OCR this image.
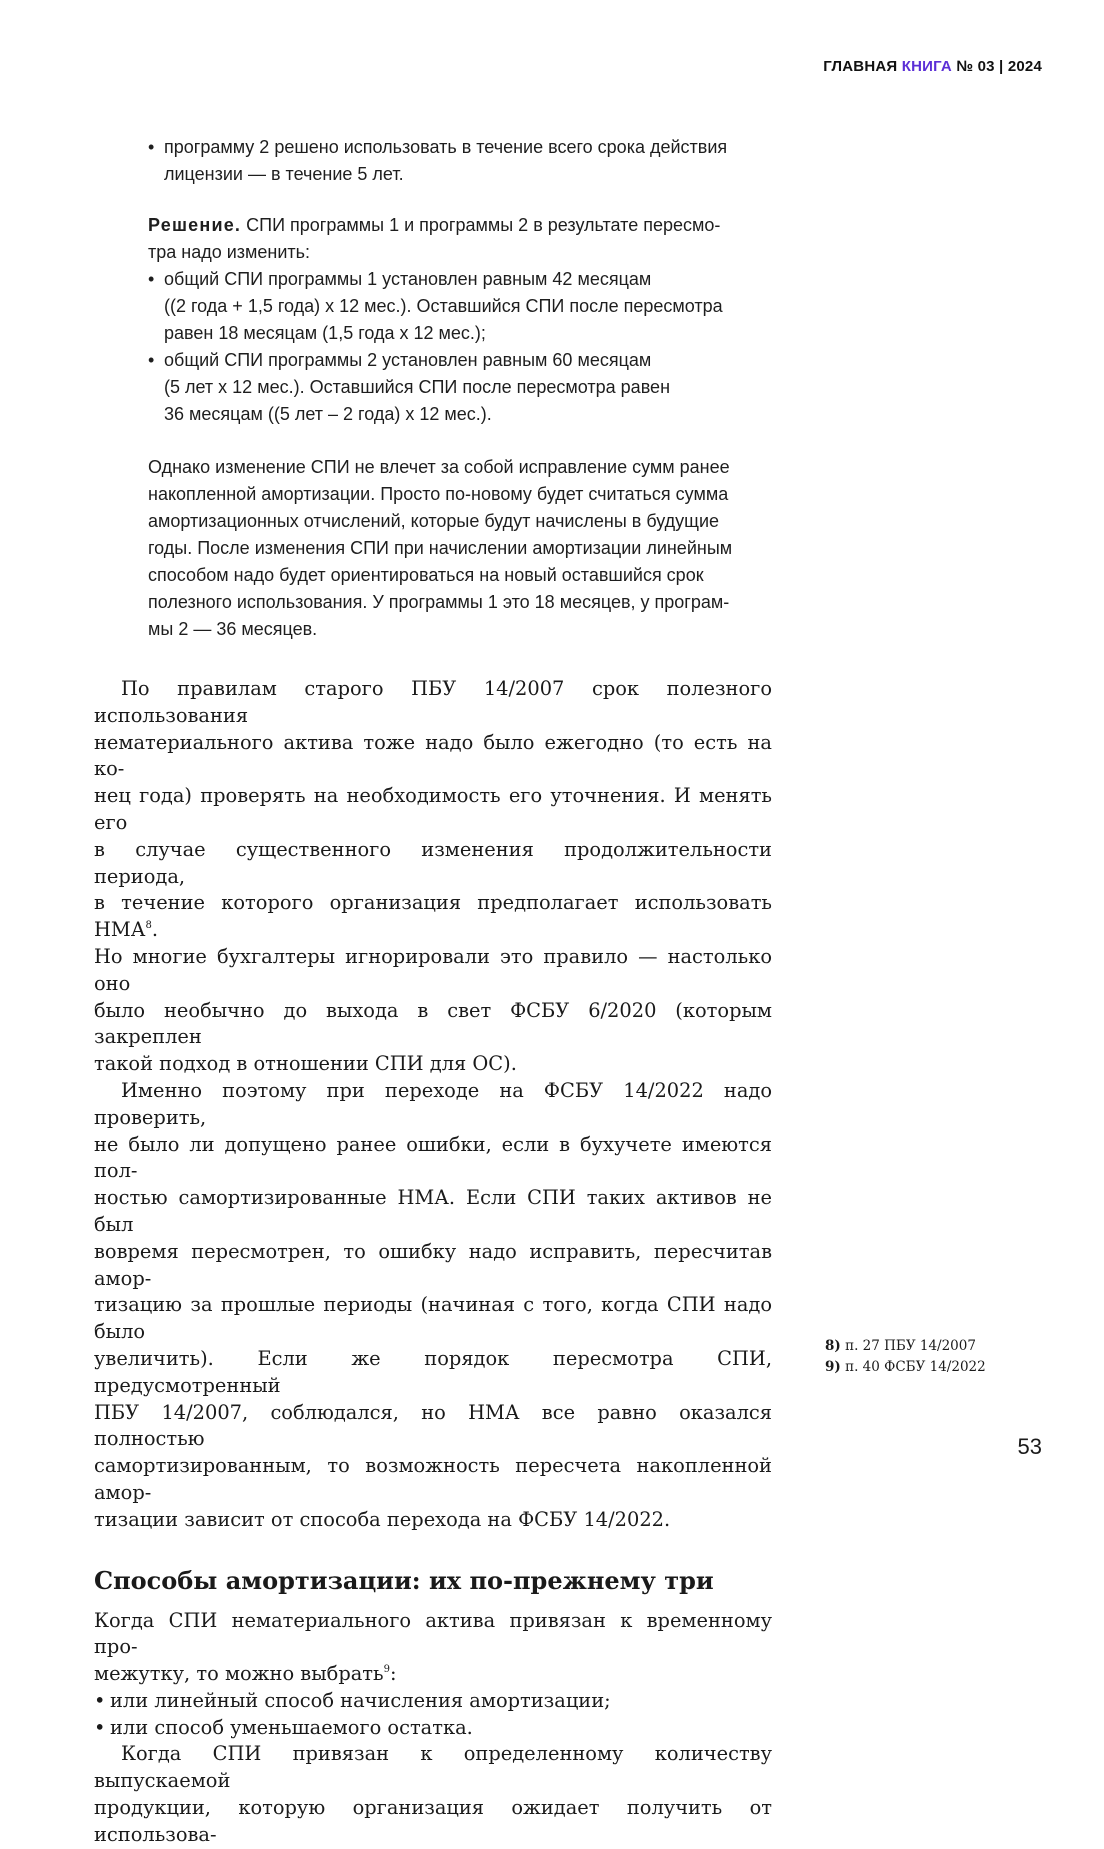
ГЛАВНАЯ КНИГА № 03 | 2024

• программу 2 решено использовать в течение всего срока действия
лицензии — в течение 5 лет.

Решение. СПИ программы 1 и программы 2 в результате пересмо-
тра надо изменить:

• общий СПИ программы 1 установлен равным 42 месяцам
((2 года + 1,5 года) x 12 мес.). Оставшийся СПИ после пересмотра
равен 18 месяцам (1,5 года x 12 мес.);

• общий СПИ программы 2 установлен равным 60 месяцам
(5 лет x 12 мес.). Оставшийся СПИ после пересмотра равен
36 месяцам ((5 лет – 2 года) x 12 мес.).

Однако изменение СПИ не влечет за собой исправление сумм ранее
накопленной амортизации. Просто по-новому будет считаться сумма
амортизационных отчислений, которые будут начислены в будущие
годы. После изменения СПИ при начислении амортизации линейным
способом надо будет ориентироваться на новый оставшийся срок
полезного использования. У программы 1 это 18 месяцев, у програм-
мы 2 — 36 месяцев.

По правилам старого ПБУ 14/2007 срок полезного использования
нематериального актива тоже надо было ежегодно (то есть на ко-
нец года) проверять на необходимость его уточнения. И менять его
в случае существенного изменения продолжительности периода,
в течение которого организация предполагает использовать НМА$^8$.
Но многие бухгалтеры игнорировали это правило — настолько оно
было необычно до выхода в свет ФСБУ 6/2020 (которым закреплен
такой подход в отношении СПИ для ОС).

Именно поэтому при переходе на ФСБУ 14/2022 надо проверить,
не было ли допущено ранее ошибки, если в бухучете имеются пол-
ностью самортизированные НМА. Если СПИ таких активов не был
вовремя пересмотрен, то ошибку надо исправить, пересчитав амор-
тизацию за прошлые периоды (начиная с того, когда СПИ надо было
увеличить). Если же порядок пересмотра СПИ, предусмотренный
ПБУ 14/2007, соблюдался, но НМА все равно оказался полностью
самортизированным, то возможность пересчета накопленной амор-
тизации зависит от способа перехода на ФСБУ 14/2022.

Способы амортизации: их по-прежнему три

Когда СПИ нематериального актива привязан к временному про-
межутку, то можно выбрать$^9$:

• или линейный способ начисления амортизации;

• или способ уменьшаемого остатка.

Когда СПИ привязан к определенному количеству выпускаемой
продукции, которую организация ожидает получить от использова-

8) п. 27 ПБУ 14/2007
9) п. 40 ФСБУ 14/2022
53
